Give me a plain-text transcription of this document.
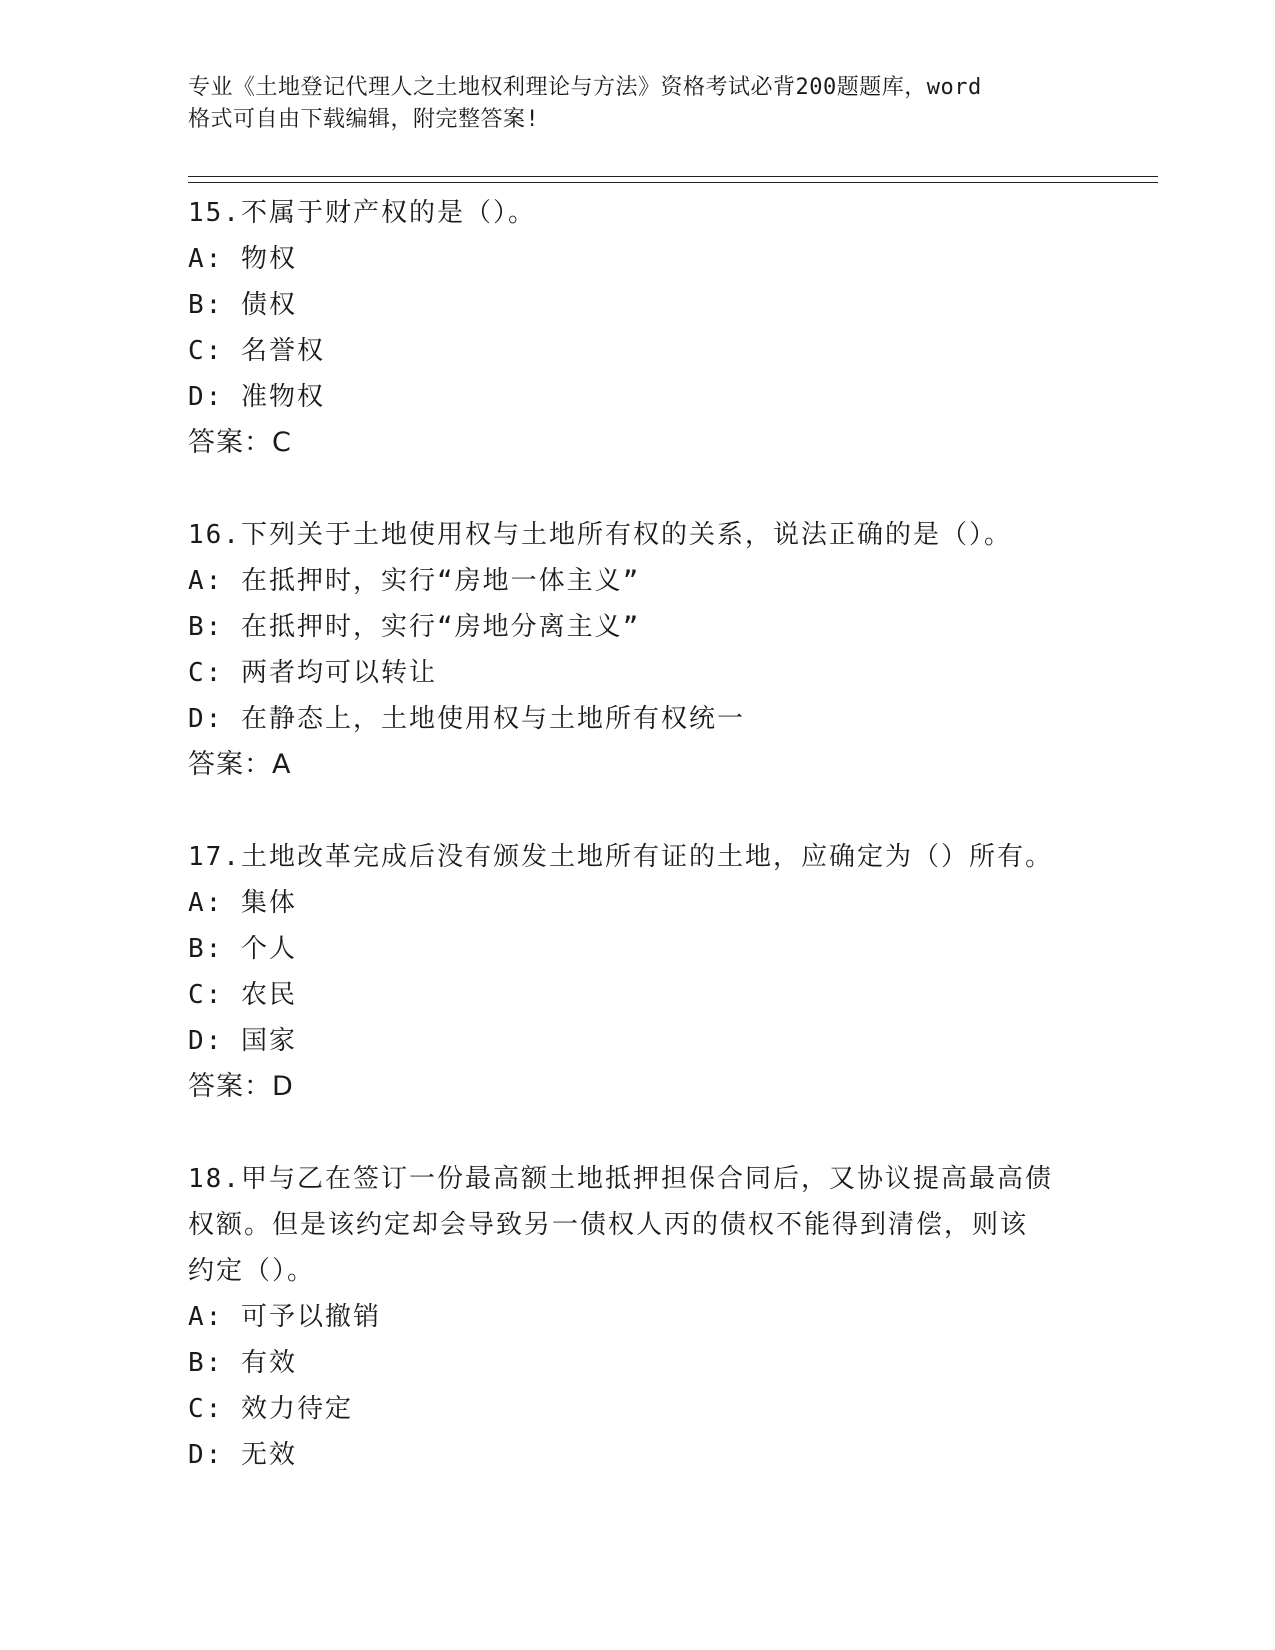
专业《土地登记代理人之土地权利理论与方法》资格考试必背200题题库，word
格式可自由下载编辑，附完整答案!
15.不属于财产权的是（）。
A: 物权
B: 债权
C: 名誉权
D: 准物权
答案：C
16.下列关于土地使用权与土地所有权的关系，说法正确的是（）。
A: 在抵押时，实行“房地一体主义”
B: 在抵押时，实行“房地分离主义”
C: 两者均可以转让
D: 在静态上，土地使用权与土地所有权统一
答案：A
17.土地改革完成后没有颁发土地所有证的土地，应确定为（）所有。
A: 集体
B: 个人
C: 农民
D: 国家
答案：D
18.甲与乙在签订一份最高额土地抵押担保合同后，又协议提高最高债
权额。但是该约定却会导致另一债权人丙的债权不能得到清偿，则该
约定（）。
A: 可予以撤销
B: 有效
C: 效力待定
D: 无效
